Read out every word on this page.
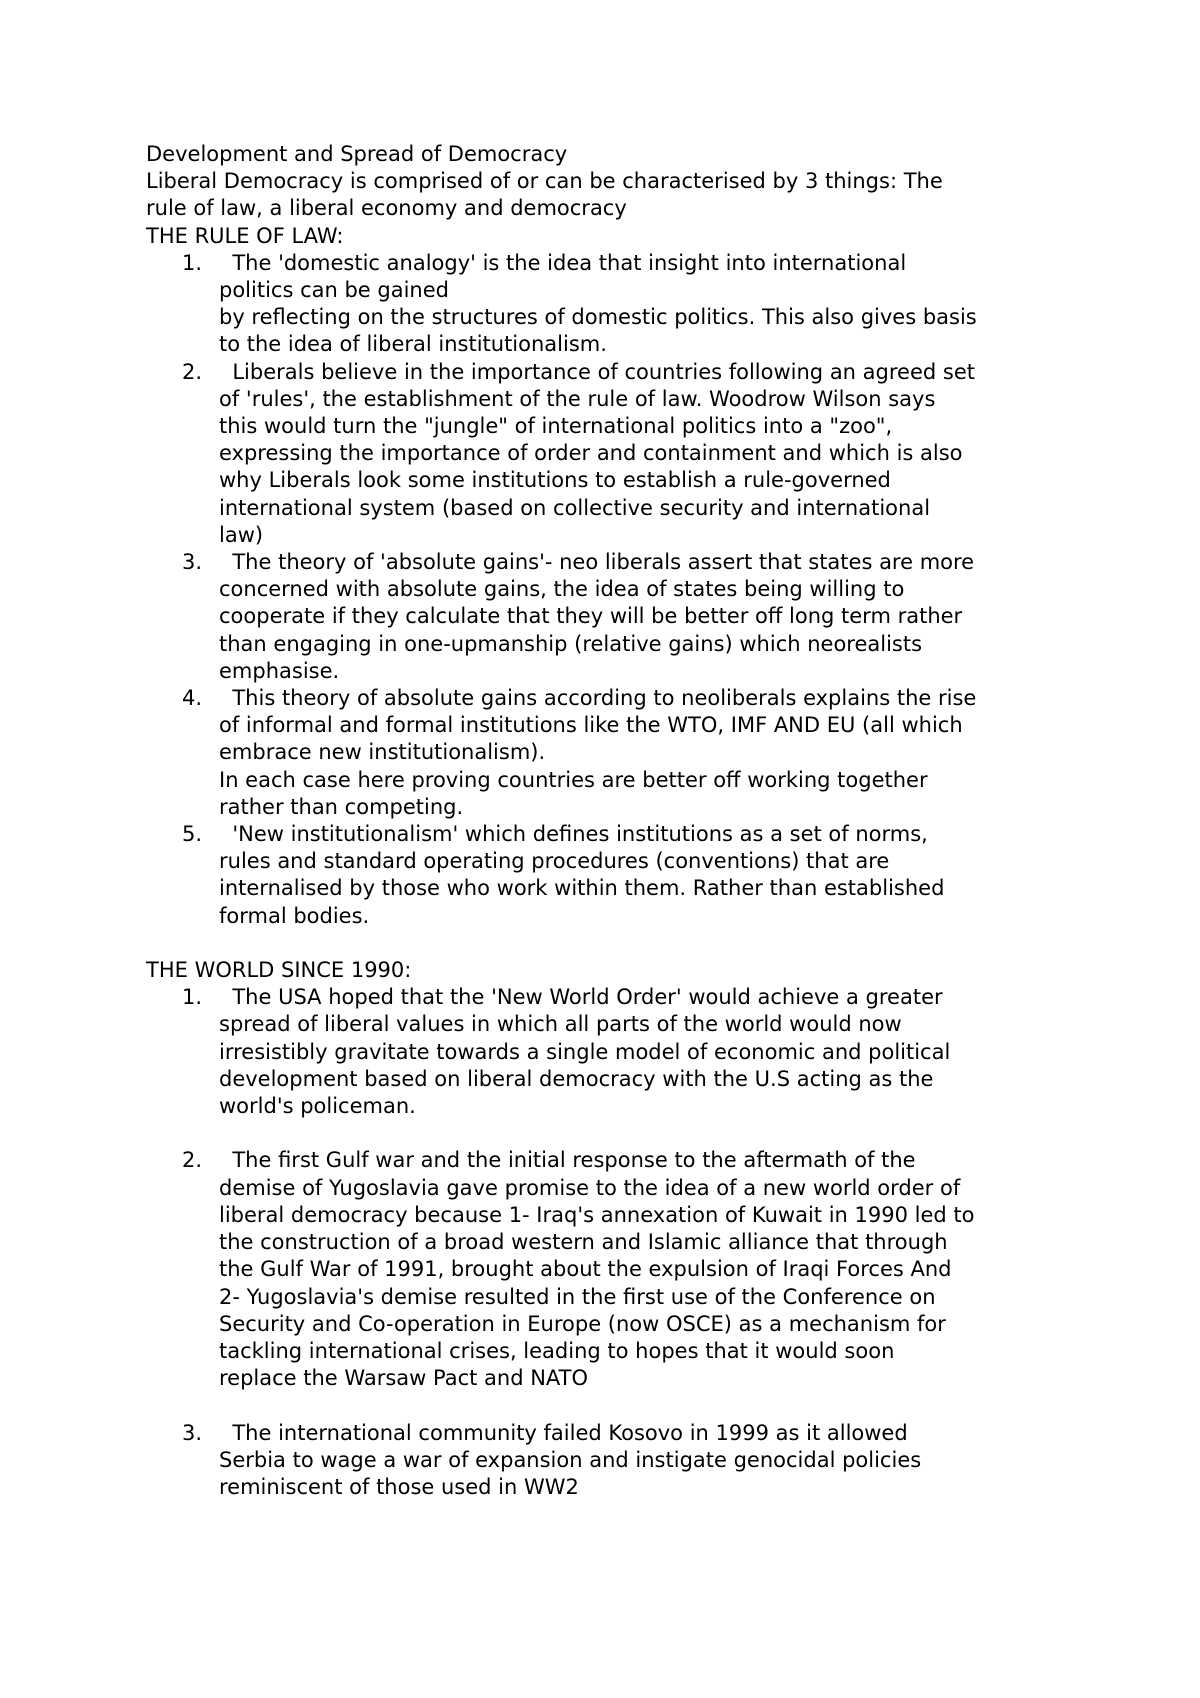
Development and Spread of Democracy
Liberal Democracy is comprised of or can be characterised by 3 things: The
rule of law, a liberal economy and democracy
THE RULE OF LAW:
1. The 'domestic analogy' is the idea that insight into international
politics can be gained
by reflecting on the structures of domestic politics. This also gives basis
to the idea of liberal institutionalism.
2. Liberals believe in the importance of countries following an agreed set
of 'rules', the establishment of the rule of law. Woodrow Wilson says
this would turn the "jungle" of international politics into a "zoo",
expressing the importance of order and containment and which is also
why Liberals look some institutions to establish a rule-governed
international system (based on collective security and international
law)
3. The theory of 'absolute gains'- neo liberals assert that states are more
concerned with absolute gains, the idea of states being willing to
cooperate if they calculate that they will be better off long term rather
than engaging in one-upmanship (relative gains) which neorealists
emphasise.
4. This theory of absolute gains according to neoliberals explains the rise
of informal and formal institutions like the WTO, IMF AND EU (all which
embrace new institutionalism).
In each case here proving countries are better off working together
rather than competing.
5. 'New institutionalism' which defines institutions as a set of norms,
rules and standard operating procedures (conventions) that are
internalised by those who work within them. Rather than established
formal bodies.
THE WORLD SINCE 1990:
1. The USA hoped that the 'New World Order' would achieve a greater
spread of liberal values in which all parts of the world would now
irresistibly gravitate towards a single model of economic and political
development based on liberal democracy with the U.S acting as the
world's policeman.
2. The first Gulf war and the initial response to the aftermath of the
demise of Yugoslavia gave promise to the idea of a new world order of
liberal democracy because 1- Iraq's annexation of Kuwait in 1990 led to
the construction of a broad western and Islamic alliance that through
the Gulf War of 1991, brought about the expulsion of Iraqi Forces And
2- Yugoslavia's demise resulted in the first use of the Conference on
Security and Co-operation in Europe (now OSCE) as a mechanism for
tackling international crises, leading to hopes that it would soon
replace the Warsaw Pact and NATO
3. The international community failed Kosovo in 1999 as it allowed
Serbia to wage a war of expansion and instigate genocidal policies
reminiscent of those used in WW2
